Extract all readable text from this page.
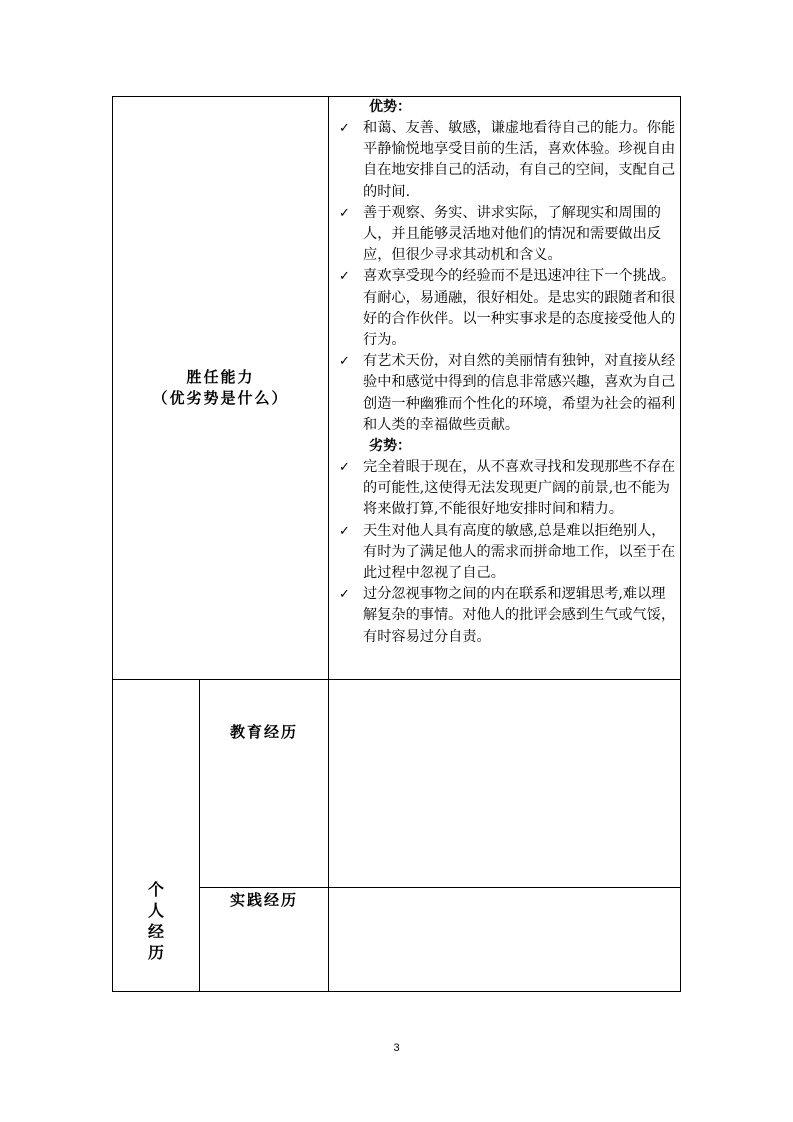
胜任能力
（优劣势是什么）
优势：
✓ 和蔼、友善、敏感，谦虚地看待自己的能力。你能平静愉悦地享受目前的生活，喜欢体验。珍视自由自在地安排自己的活动，有自己的空间，支配自己的时间.
✓ 善于观察、务实、讲求实际，了解现实和周围的人，并且能够灵活地对他们的情况和需要做出反应，但很少寻求其动机和含义。
✓ 喜欢享受现今的经验而不是迅速冲往下一个挑战。有耐心，易通融，很好相处。是忠实的跟随者和很好的合作伙伴。以一种实事求是的态度接受他人的行为。
✓ 有艺术天份，对自然的美丽情有独钟，对直接从经验中和感觉中得到的信息非常感兴趣，喜欢为自己创造一种幽雅而个性化的环境，希望为社会的福利和人类的幸福做些贡献。
劣势：
✓ 完全着眼于现在，从不喜欢寻找和发现那些不存在的可能性,这使得无法发现更广阔的前景,也不能为将来做打算,不能很好地安排时间和精力。
✓ 天生对他人具有高度的敏感,总是难以拒绝别人，有时为了满足他人的需求而拼命地工作，以至于在此过程中忽视了自己。
✓ 过分忽视事物之间的内在联系和逻辑思考,难以理解复杂的事情。对他人的批评会感到生气或气馁，有时容易过分自责。
个
人
经
历
教育经历
实践经历
3
